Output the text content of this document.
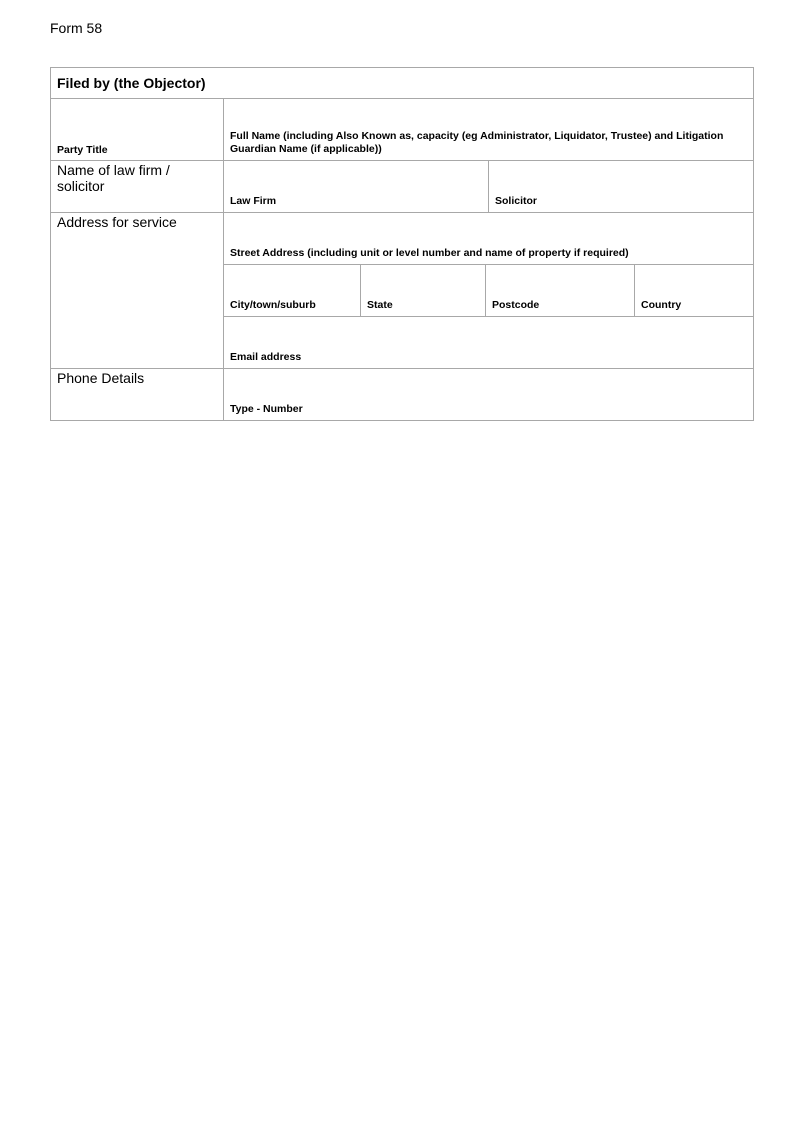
Form 58
Filed by (the Objector)					
Party Title	Full Name (including Also Known as, capacity (eg Administrator, Liquidator, Trustee) and Litigation Guardian Name (if applicable))				

Name of law firm / solicitor	Law Firm			Solicitor	

Address for service	Street Address (including unit or level number and name of property if required)				
	City/town/suburb	State	Postcode		Country
	Email address				

Phone Details	Type - Number				
